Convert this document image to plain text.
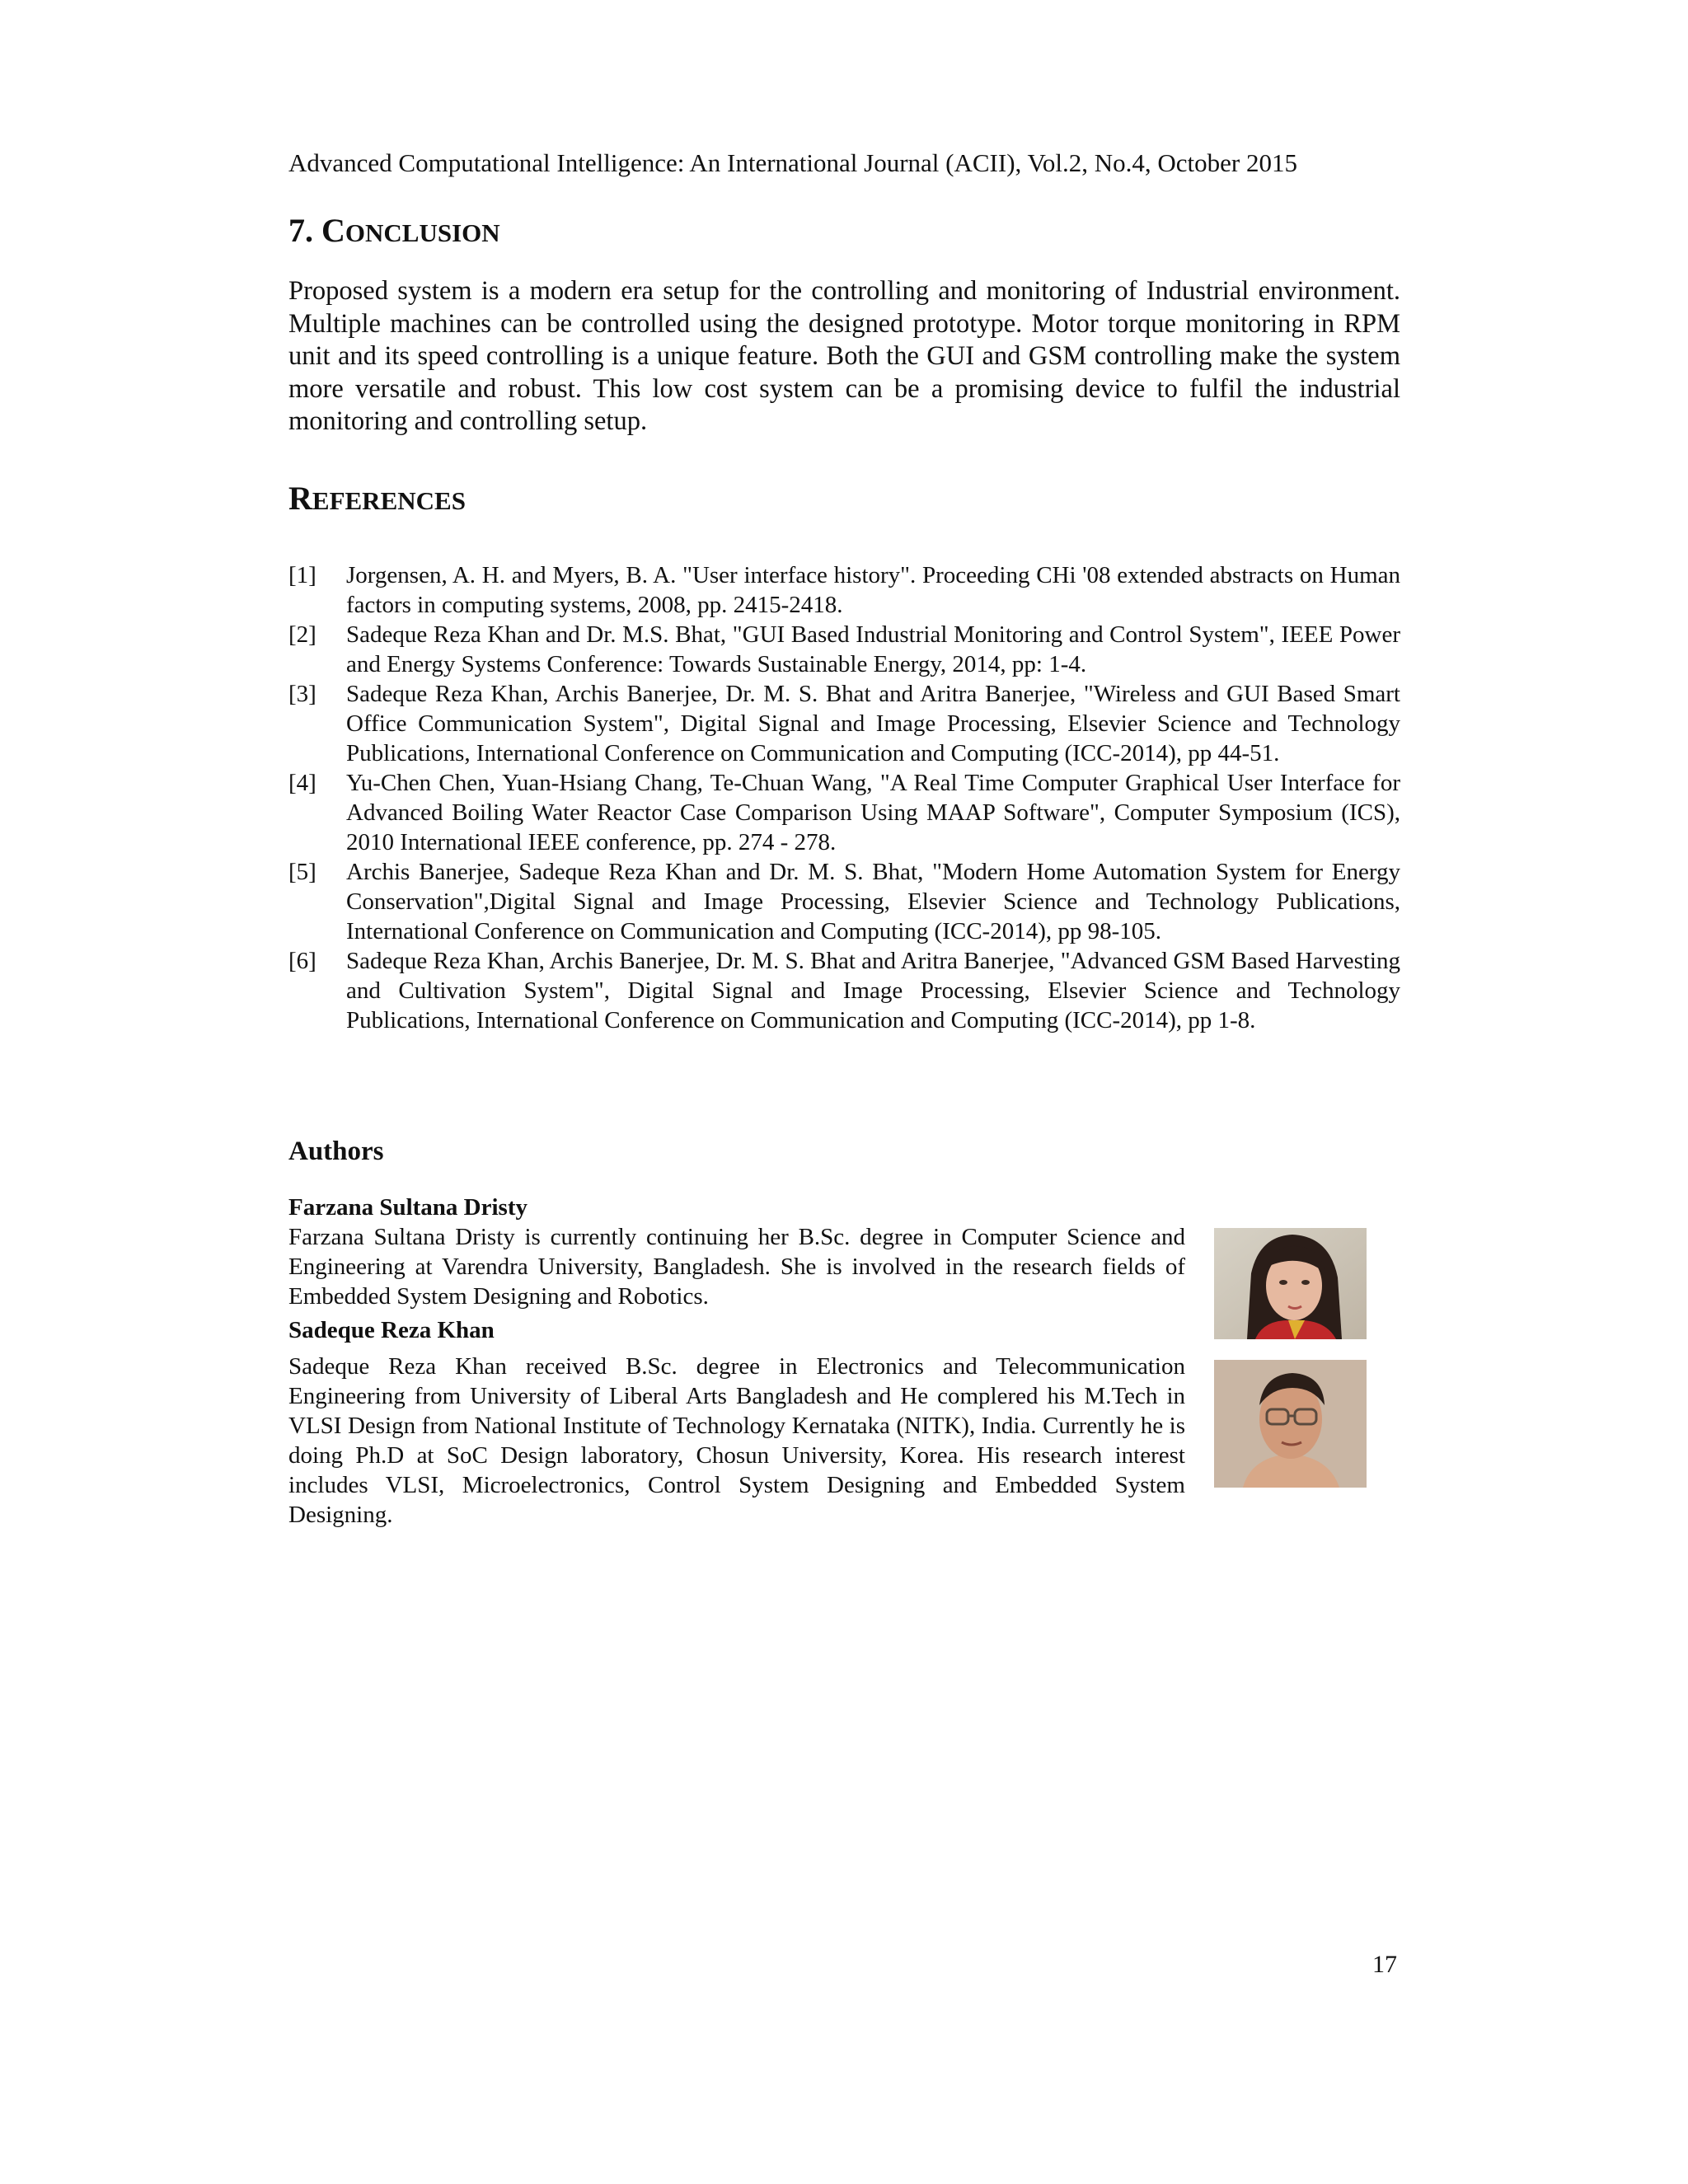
Advanced Computational Intelligence: An International Journal (ACII), Vol.2, No.4, October 2015
7. CONCLUSION
Proposed system is a modern era setup for the controlling and monitoring of Industrial environment. Multiple machines can be controlled using the designed prototype. Motor torque monitoring in RPM unit and its speed controlling is a unique feature. Both the GUI and GSM controlling make the system more versatile and robust. This low cost system can be a promising device to fulfil the industrial monitoring and controlling setup.
REFERENCES
[1] Jorgensen, A. H. and Myers, B. A. "User interface history". Proceeding CHi '08 extended abstracts on Human factors in computing systems, 2008, pp. 2415-2418.
[2] Sadeque Reza Khan and Dr. M.S. Bhat, "GUI Based Industrial Monitoring and Control System", IEEE Power and Energy Systems Conference: Towards Sustainable Energy, 2014, pp: 1-4.
[3] Sadeque Reza Khan, Archis Banerjee, Dr. M. S. Bhat and Aritra Banerjee, "Wireless and GUI Based Smart Office Communication System", Digital Signal and Image Processing, Elsevier Science and Technology Publications, International Conference on Communication and Computing (ICC-2014), pp 44-51.
[4] Yu-Chen Chen, Yuan-Hsiang Chang, Te-Chuan Wang, "A Real Time Computer Graphical User Interface for Advanced Boiling Water Reactor Case Comparison Using MAAP Software", Computer Symposium (ICS), 2010 International IEEE conference, pp. 274 - 278.
[5] Archis Banerjee, Sadeque Reza Khan and Dr. M. S. Bhat, "Modern Home Automation System for Energy Conservation",Digital Signal and Image Processing, Elsevier Science and Technology Publications, International Conference on Communication and Computing (ICC-2014), pp 98-105.
[6] Sadeque Reza Khan, Archis Banerjee, Dr. M. S. Bhat and Aritra Banerjee, "Advanced GSM Based Harvesting and Cultivation System", Digital Signal and Image Processing, Elsevier Science and Technology Publications, International Conference on Communication and Computing (ICC-2014), pp 1-8.
Authors
Farzana Sultana Dristy
Farzana Sultana Dristy is currently continuing her B.Sc. degree in Computer Science and Engineering at Varendra University, Bangladesh. She is involved in the research fields of Embedded System Designing and Robotics.
Sadeque Reza Khan
Sadeque Reza Khan received B.Sc. degree in Electronics and Telecommunication Engineering from University of Liberal Arts Bangladesh and He complered his M.Tech in VLSI Design from National Institute of Technology Kernataka (NITK), India. Currently he is doing Ph.D at SoC Design laboratory, Chosun University, Korea. His research interest includes VLSI, Microelectronics, Control System Designing and Embedded System Designing.
17
